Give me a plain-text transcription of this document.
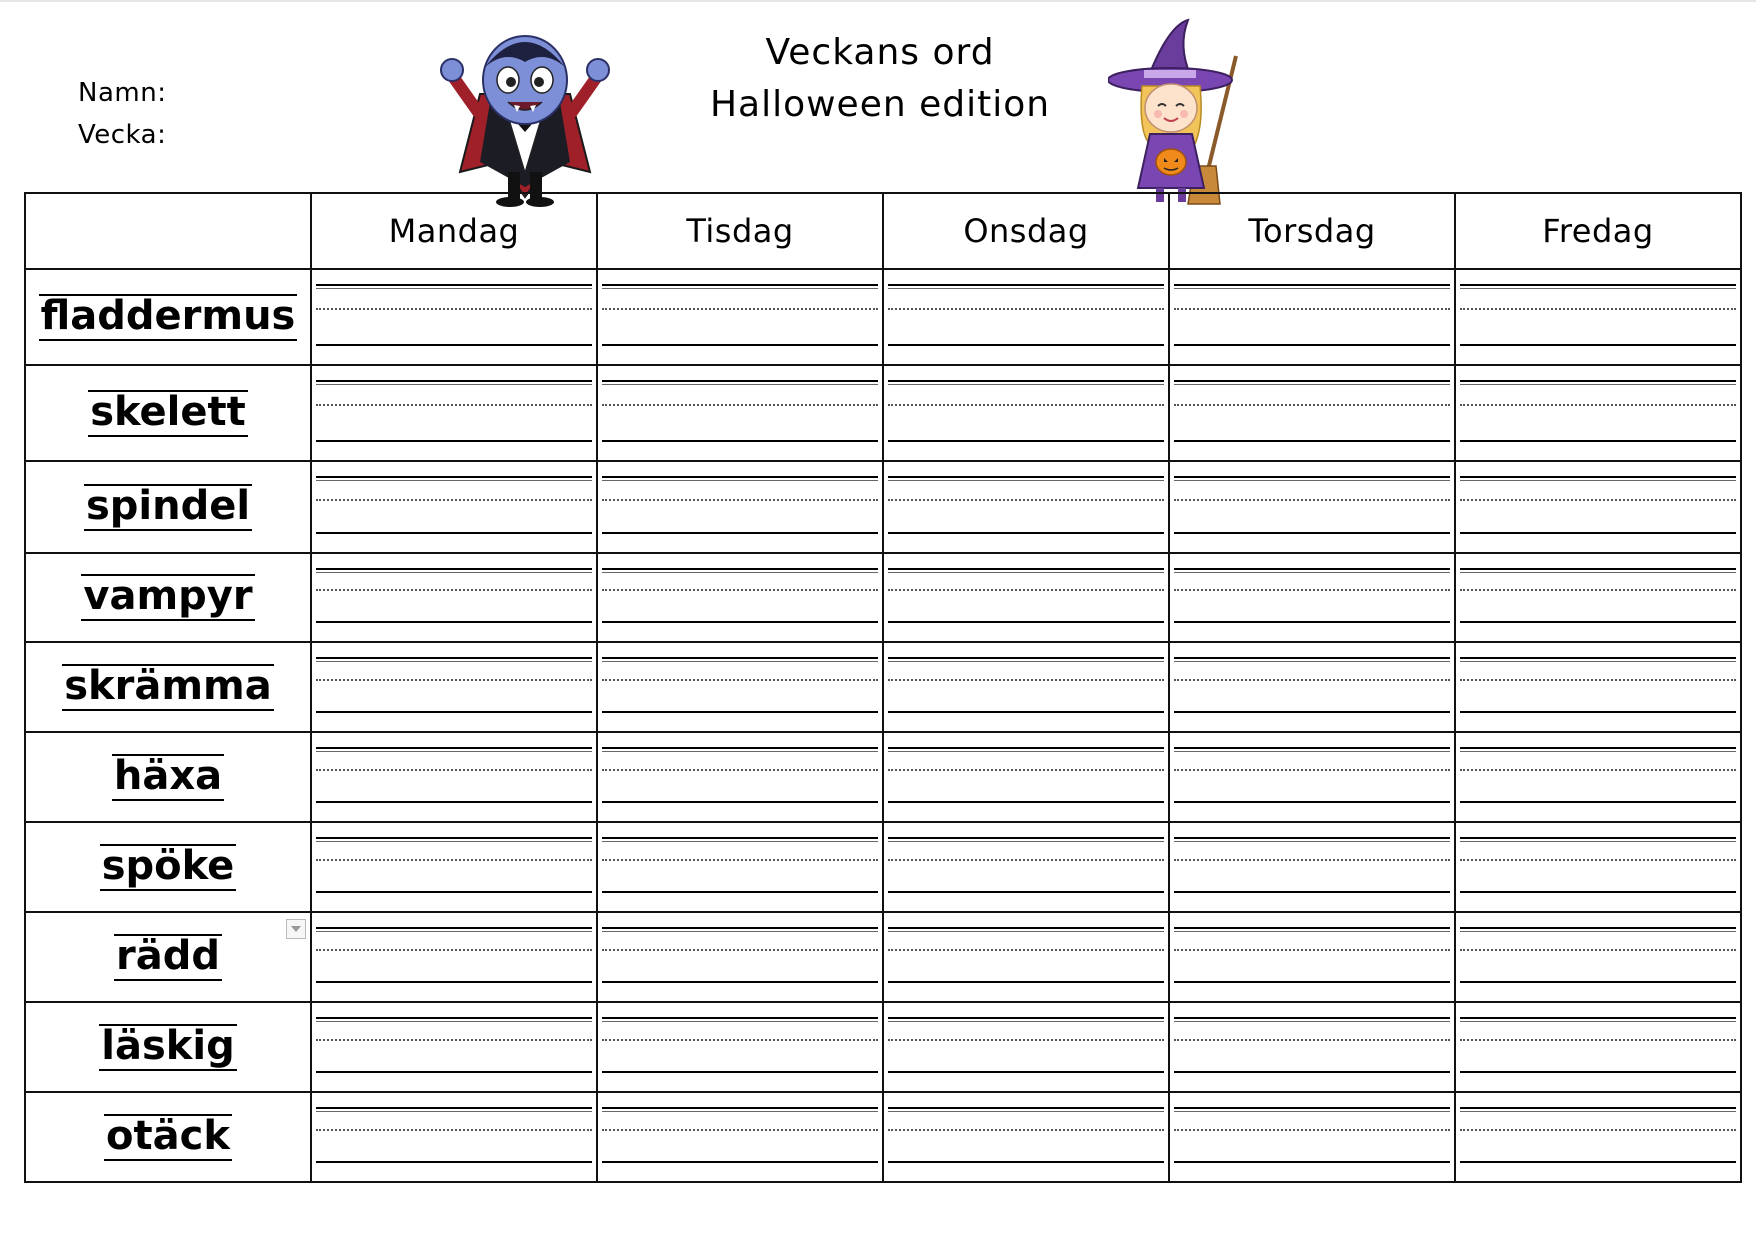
Namn:
Vecka:
Veckans ord
Halloween edition
	Mandag	Tisdag	Onsdag	Torsdag	Fredag
fladdermus	

skelett	

spindel	

vampyr	

skrämma	

häxa	

spöke	

rädd

läskig	

otäck	
